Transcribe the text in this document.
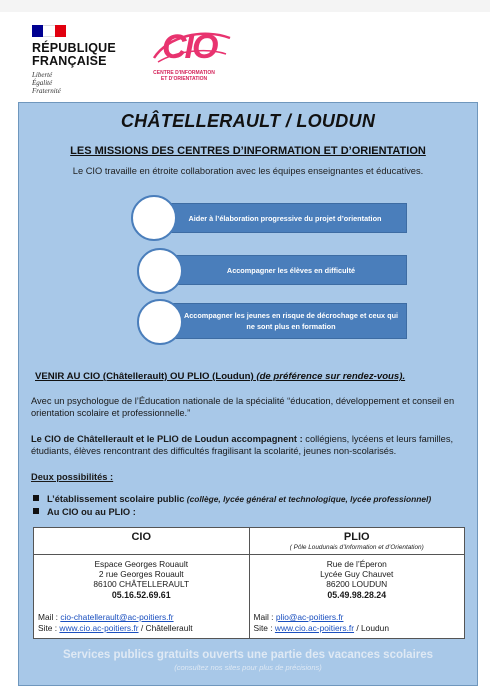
RÉPUBLIQUE
FRANÇAISE
Liberté
Égalité
Fraternité
CIO
CENTRE D'INFORMATION
ET D'ORIENTATION
CHÂTELLERAULT / LOUDUN
LES MISSIONS DES CENTRES D’INFORMATION ET D’ORIENTATION
Le CIO travaille en étroite collaboration avec les équipes enseignantes et éducatives.
Aider à l’élaboration progressive du projet d’orientation
Accompagner les élèves en difficulté
Accompagner les jeunes en risque de décrochage et ceux qui ne sont plus en formation
VENIR AU CIO (Châtellerault) OU PLIO (Loudun) (de préférence sur rendez-vous).
Avec un psychologue de l’Éducation nationale de la spécialité “éducation, développement et conseil en orientation scolaire et professionnelle.”
Le CIO de Châtellerault et le PLIO de Loudun accompagnent : collégiens, lycéens et leurs familles, étudiants, élèves rencontrant des difficultés fragilisant la scolarité, jeunes non-scolarisés.
Deux possibilités :
L’établissement scolaire public (collège, lycée général et technologique, lycée professionnel)
Au CIO ou au PLIO :
CIO
Espace Georges Rouault
2 rue Georges Rouault
86100 CHÂTELLERAULT
05.16.52.69.61
Mail : cio-chatellerault@ac-poitiers.fr
Site : www.cio.ac-poitiers.fr / Châtellerault
PLIO
( Pôle Loudunais d’Information et d’Orientation)
Rue de l’Éperon
Lycée Guy Chauvet
86200 LOUDUN
05.49.98.28.24
Mail : plio@ac-poitiers.fr
Site : www.cio.ac-poitiers.fr / Loudun
Services publics gratuits ouverts une partie des vacances scolaires
(consultez nos sites pour plus de précisions)
